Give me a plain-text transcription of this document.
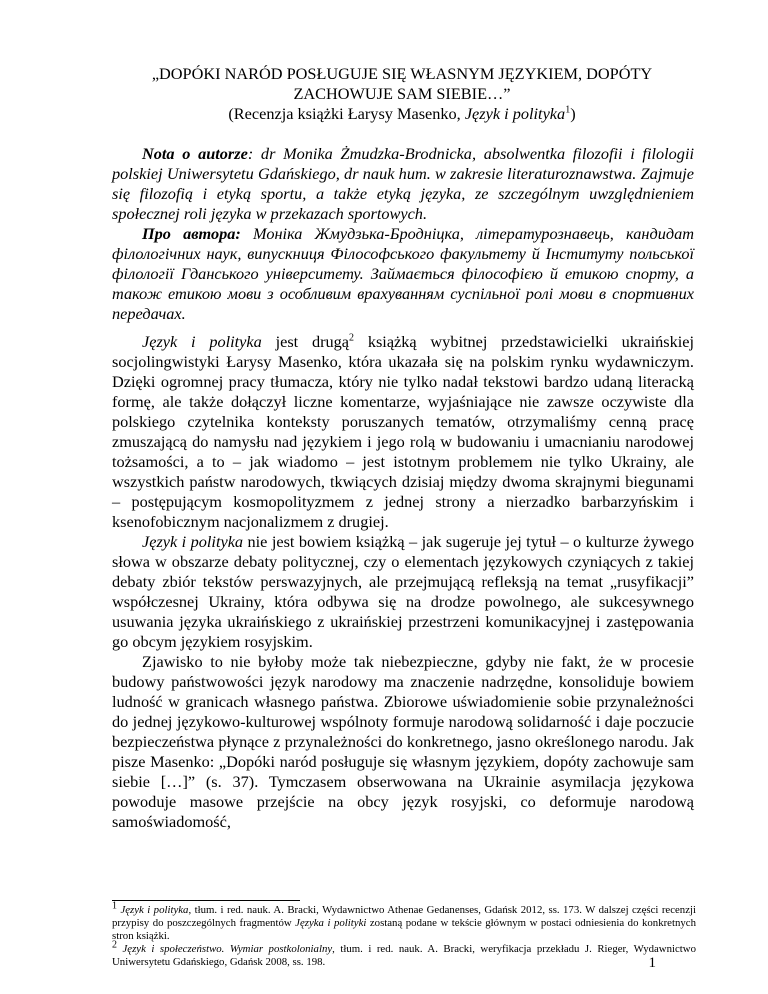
„DOPÓKI NARÓD POSŁUGUJE SIĘ WŁASNYM JĘZYKIEM, DOPÓTY ZACHOWUJE SAM SIEBIE…”

(Recenzja książki Łarysy Masenko, Język i polityka$^1$)

Nota o autorze: dr Monika Żmudzka-Brodnicka, absolwentka filozofii i filologii polskiej Uniwersytetu Gdańskiego, dr nauk hum. w zakresie literaturoznawstwa. Zajmuje się filozofią i etyką sportu, a także etyką języka, ze szczególnym uwzględnieniem społecznej roli języka w przekazach sportowych.

Про автора: Моніка Жмудзька-Бродніцка, літературознавець, кандидат філологічних наук, випускниця Філософського факультету й Інституту польської філології Гданського університету. Займається філософією й етикою спорту, а також етикою мови з особливим врахуванням суспільної ролі мови в спортивних передачах.

Język i polityka jest drugą$^2$ książką wybitnej przedstawicielki ukraińskiej socjolingwistyki Łarysy Masenko, która ukazała się na polskim rynku wydawniczym. Dzięki ogromnej pracy tłumacza, który nie tylko nadał tekstowi bardzo udaną literacką formę, ale także dołączył liczne komentarze, wyjaśniające nie zawsze oczywiste dla polskiego czytelnika konteksty poruszanych tematów, otrzymaliśmy cenną pracę zmuszającą do namysłu nad językiem i jego rolą w budowaniu i umacnianiu narodowej tożsamości, a to – jak wiadomo – jest istotnym problemem nie tylko Ukrainy, ale wszystkich państw narodowych, tkwiących dzisiaj między dwoma skrajnymi biegunami – postępującym kosmopolityzmem z jednej strony a nierzadko barbarzyńskim i ksenofobicznym nacjonalizmem z drugiej.

Język i polityka nie jest bowiem książką – jak sugeruje jej tytuł – o kulturze żywego słowa w obszarze debaty politycznej, czy o elementach językowych czyniących z takiej debaty zbiór tekstów perswazyjnych, ale przejmującą refleksją na temat „rusyfikacji” współczesnej Ukrainy, która odbywa się na drodze powolnego, ale sukcesywnego usuwania języka ukraińskiego z ukraińskiej przestrzeni komunikacyjnej i zastępowania go obcym językiem rosyjskim.

Zjawisko to nie byłoby może tak niebezpieczne, gdyby nie fakt, że w procesie budowy państwowości język narodowy ma znaczenie nadrzędne, konsoliduje bowiem ludność w granicach własnego państwa. Zbiorowe uświadomienie sobie przynależności do jednej językowo-kulturowej wspólnoty formuje narodową solidarność i daje poczucie bezpieczeństwa płynące z przynależności do konkretnego, jasno określonego narodu. Jak pisze Masenko: „Dopóki naród posługuje się własnym językiem, dopóty zachowuje sam siebie […]” (s. 37). Tymczasem obserwowana na Ukrainie asymilacja językowa powoduje masowe przejście na obcy język rosyjski, co deformuje narodową samoświadomość,

$^1$ Język i polityka, tłum. i red. nauk. A. Bracki, Wydawnictwo Athenae Gedanenses, Gdańsk 2012, ss. 173. W dalszej części recenzji przypisy do poszczególnych fragmentów Języka i polityki zostaną podane w tekście głównym w postaci odniesienia do konkretnych stron książki.

$^2$ Język i społeczeństwo. Wymiar postkolonialny, tłum. i red. nauk. A. Bracki, weryfikacja przekładu J. Rieger, Wydawnictwo Uniwersytetu Gdańskiego, Gdańsk 2008, ss. 198.	1
